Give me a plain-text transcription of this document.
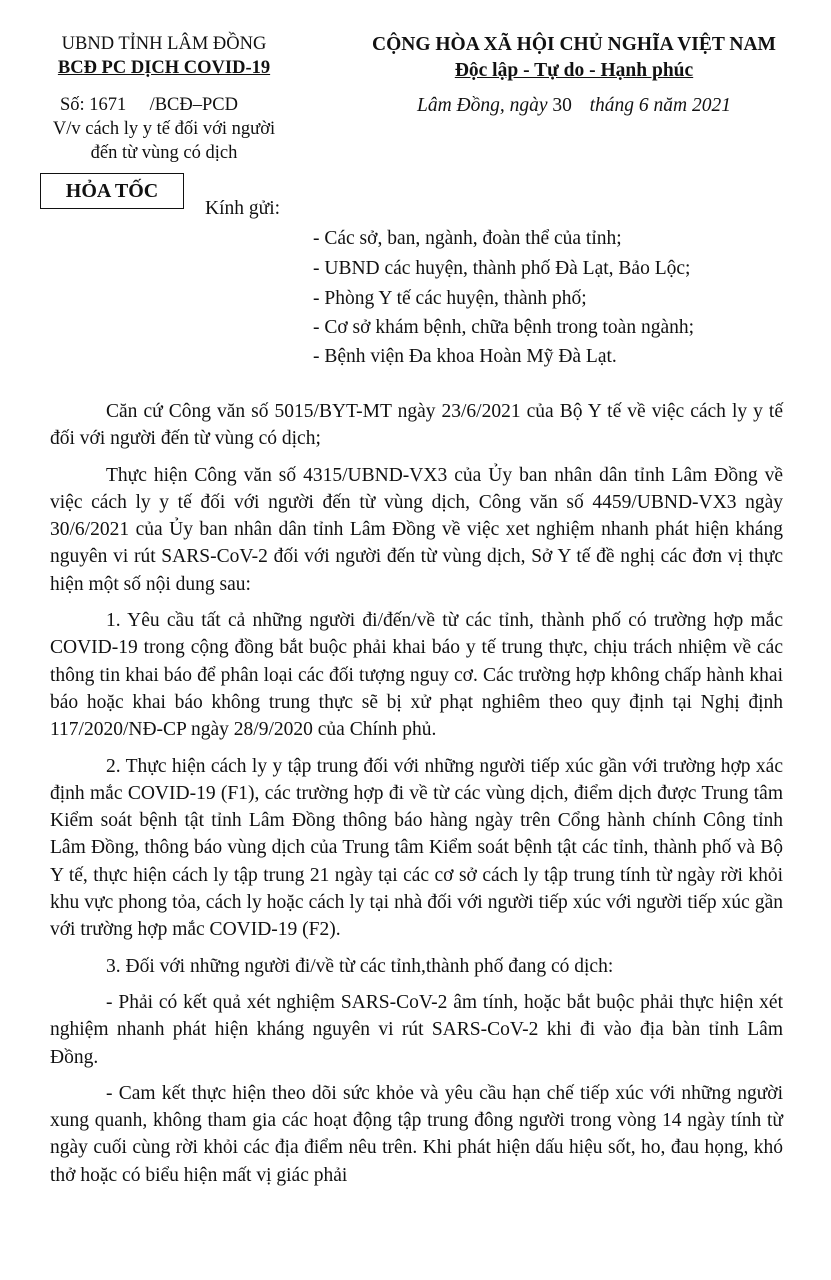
UBND TỈNH LÂM ĐỒNG
BCĐ PC DỊCH COVID-19
Số: 1671 /BCĐ–PCD
V/v cách ly y tế đối với người
đến từ vùng có dịch
CỘNG HÒA XÃ HỘI CHỦ NGHĨA VIỆT NAM
Độc lập - Tự do - Hạnh phúc
Lâm Đồng, ngày 30 tháng 6 năm 2021
HỎA TỐC
Kính gửi:
- Các sở, ban, ngành, đoàn thể của tỉnh;
- UBND các huyện, thành phố Đà Lạt, Bảo Lộc;
- Phòng Y tế các huyện, thành phố;
- Cơ sở khám bệnh, chữa bệnh trong toàn ngành;
- Bệnh viện Đa khoa Hoàn Mỹ Đà Lạt.

Căn cứ Công văn số 5015/BYT-MT ngày 23/6/2021 của Bộ Y tế về việc cách ly y tế đối với người đến từ vùng có dịch;

Thực hiện Công văn số 4315/UBND-VX3 của Ủy ban nhân dân tỉnh Lâm Đồng về việc cách ly y tế đối với người đến từ vùng dịch, Công văn số 4459/UBND-VX3 ngày 30/6/2021 của Ủy ban nhân dân tỉnh Lâm Đồng về việc xet nghiệm nhanh phát hiện kháng nguyên vi rút SARS-CoV-2 đối với người đến từ vùng dịch, Sở Y tế đề nghị các đơn vị thực hiện một số nội dung sau:

1. Yêu cầu tất cả những người đi/đến/về từ các tỉnh, thành phố có trường hợp mắc COVID-19 trong cộng đồng bắt buộc phải khai báo y tế trung thực, chịu trách nhiệm về các thông tin khai báo để phân loại các đối tượng nguy cơ. Các trường hợp không chấp hành khai báo hoặc khai báo không trung thực sẽ bị xử phạt nghiêm theo quy định tại Nghị định 117/2020/NĐ-CP ngày 28/9/2020 của Chính phủ.

2. Thực hiện cách ly y tập trung đối với những người tiếp xúc gần với trường hợp xác định mắc COVID-19 (F1), các trường hợp đi về từ các vùng dịch, điểm dịch được Trung tâm Kiểm soát bệnh tật tỉnh Lâm Đồng thông báo hàng ngày trên Cổng hành chính Công tỉnh Lâm Đồng, thông báo vùng dịch của Trung tâm Kiểm soát bệnh tật các tỉnh, thành phố và Bộ Y tế, thực hiện cách ly tập trung 21 ngày tại các cơ sở cách ly tập trung tính từ ngày rời khỏi khu vực phong tỏa, cách ly hoặc cách ly tại nhà đối với người tiếp xúc với người tiếp xúc gần với trường hợp mắc COVID-19 (F2).

3. Đối với những người đi/về từ các tỉnh,thành phố đang có dịch:

- Phải có kết quả xét nghiệm SARS-CoV-2 âm tính, hoặc bắt buộc phải thực hiện xét nghiệm nhanh phát hiện kháng nguyên vi rút SARS-CoV-2 khi đi vào địa bàn tỉnh Lâm Đồng.

- Cam kết thực hiện theo dõi sức khỏe và yêu cầu hạn chế tiếp xúc với những người xung quanh, không tham gia các hoạt động tập trung đông người trong vòng 14 ngày tính từ ngày cuối cùng rời khỏi các địa điểm nêu trên. Khi phát hiện dấu hiệu sốt, ho, đau họng, khó thở hoặc có biểu hiện mất vị giác phải
